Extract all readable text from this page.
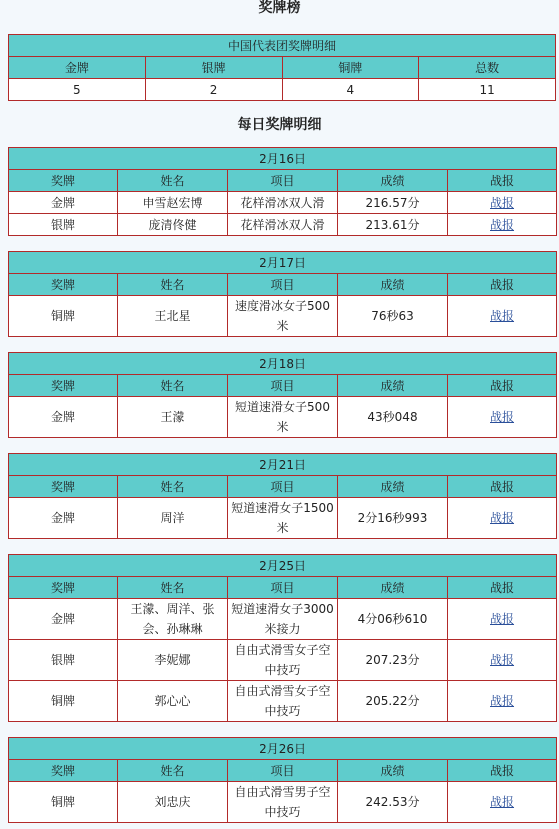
奖牌榜
中国代表团奖牌明细			
金牌	银牌	铜牌	总数
5	2	4	11
每日奖牌明细
2月16日				
奖牌	姓名	项目	成绩	战报
金牌	申雪赵宏博	花样滑冰双人滑	216.57分	战报
银牌	庞清佟健	花样滑冰双人滑	213.61分	战报
2月17日				
奖牌	姓名	项目	成绩	战报
铜牌	王北星	速度滑冰女子500米	76秒63	战报
2月18日				
奖牌	姓名	项目	成绩	战报
金牌	王濛	短道速滑女子500米	43秒048	战报
2月21日				
奖牌	姓名	项目	成绩	战报
金牌	周洋	短道速滑女子1500米	2分16秒993	战报
2月25日				
奖牌	姓名	项目	成绩	战报
金牌	王濛、周洋、张会、孙琳琳	短道速滑女子3000米接力	4分06秒610	战报
银牌	李妮娜	自由式滑雪女子空中技巧	207.23分	战报
铜牌	郭心心	自由式滑雪女子空中技巧	205.22分	战报
2月26日				
奖牌	姓名	项目	成绩	战报
铜牌	刘忠庆	自由式滑雪男子空中技巧	242.53分	战报
